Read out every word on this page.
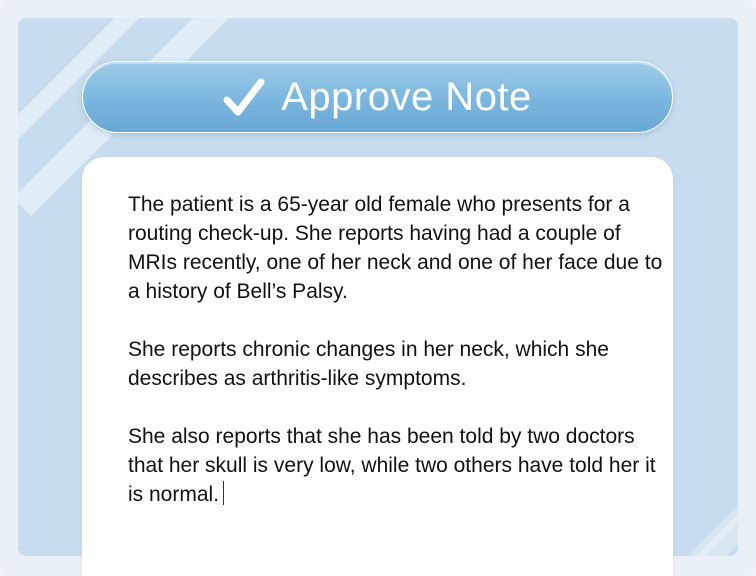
Approve Note

The patient is a 65-year old female who presents for a routing check-up. She reports having had a couple of MRIs recently, one of her neck and one of her face due to a history of Bell’s Palsy.

She reports chronic changes in her neck, which she describes as arthritis-like symptoms.

She also reports that she has been told by two doctors that her skull is very low, while two others have told her it is normal.
